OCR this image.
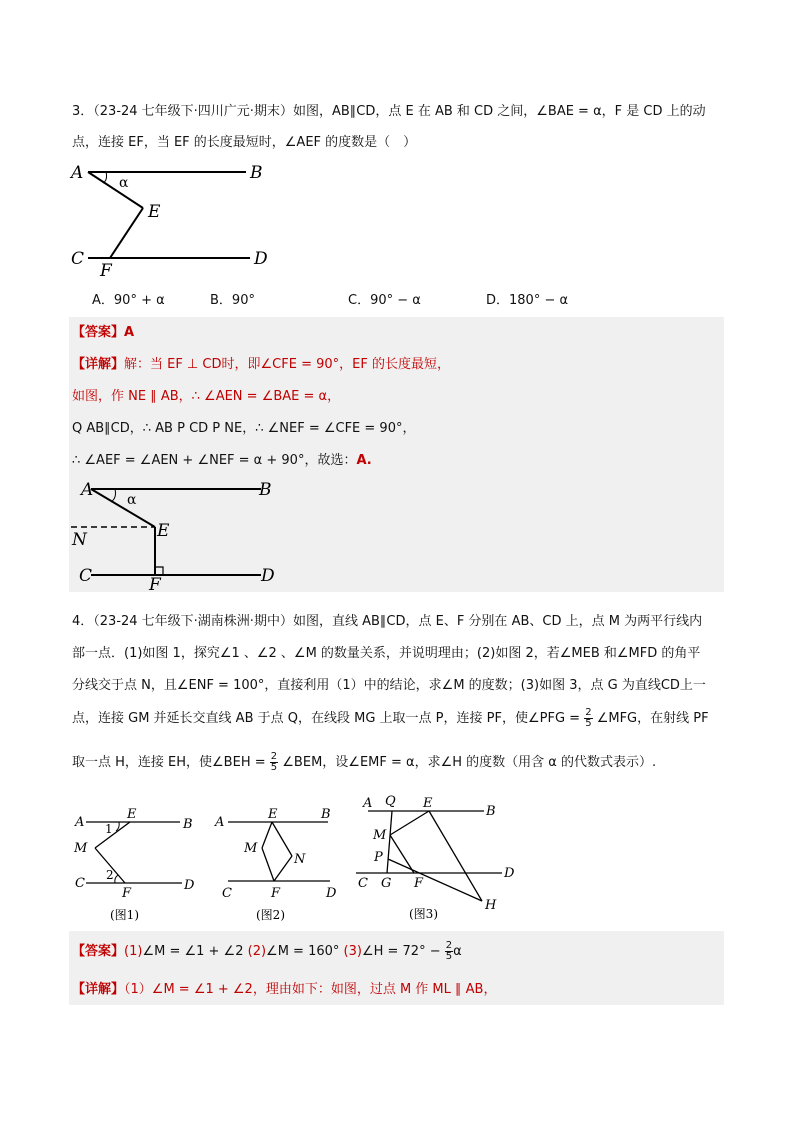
3．（23-24 七年级下·四川广元·期末）如图，AB∥CD，点 E 在 AB 和 CD 之间，∠BAE = α，F 是 CD 上的动
点，连接 EF，当 EF 的长度最短时，∠AEF 的度数是（　）
A	α	B
E
C
F
D
A．90° + α	B．90°	C．90° − α	D．180° − α
【答案】A
【详解】解：当 EF ⊥ CD时，即∠CFE = 90°，EF 的长度最短，
如图，作 NE ∥ AB，∴ ∠AEN = ∠BAE = α，
Q AB∥CD，∴ AB P CD P NE，∴ ∠NEF = ∠CFE = 90°，
∴ ∠AEF = ∠AEN + ∠NEF = α + 90°，故选：A.
A α	B
E
N
C	F	D
4．（23-24 七年级下·湖南株洲·期中）如图，直线 AB∥CD，点 E、F 分别在 AB、CD 上，点 M 为两平行线内
部一点．(1)如图 1，探究∠1 、∠2 、∠M 的数量关系，并说明理由；(2)如图 2，若∠MEB 和∠MFD 的角平
分线交于点 N，且∠ENF = 100°，直接利用（1）中的结论，求∠M 的度数；(3)如图 3，点 G 为直线CD上一
点，连接 GM 并延长交直线 AB 于点 Q，在线段 MG 上取一点 P，连接 PF，使∠PFG = $\frac{2}{5}$ ∠MFG，在射线 PF
取一点 H，连接 EH，使∠BEH = $\frac{2}{5}$ ∠BEM，设∠EMF = α，求∠H 的度数（用含 α 的代数式表示）.
A
E
B
1
M
2
C
F
D
(图1)
A
E	B
M
N
C	F	D
(图2)
A Q E
B
M
P
C G F
D
H
(图3)
【答案】(1)∠M = ∠1 + ∠2 (2)∠M = 160° (3)∠H = $72^\circ - \frac{2}{5}$ α
【详解】（1）∠M = ∠1 + ∠2，理由如下：如图，过点 M 作 ML ∥ AB，
